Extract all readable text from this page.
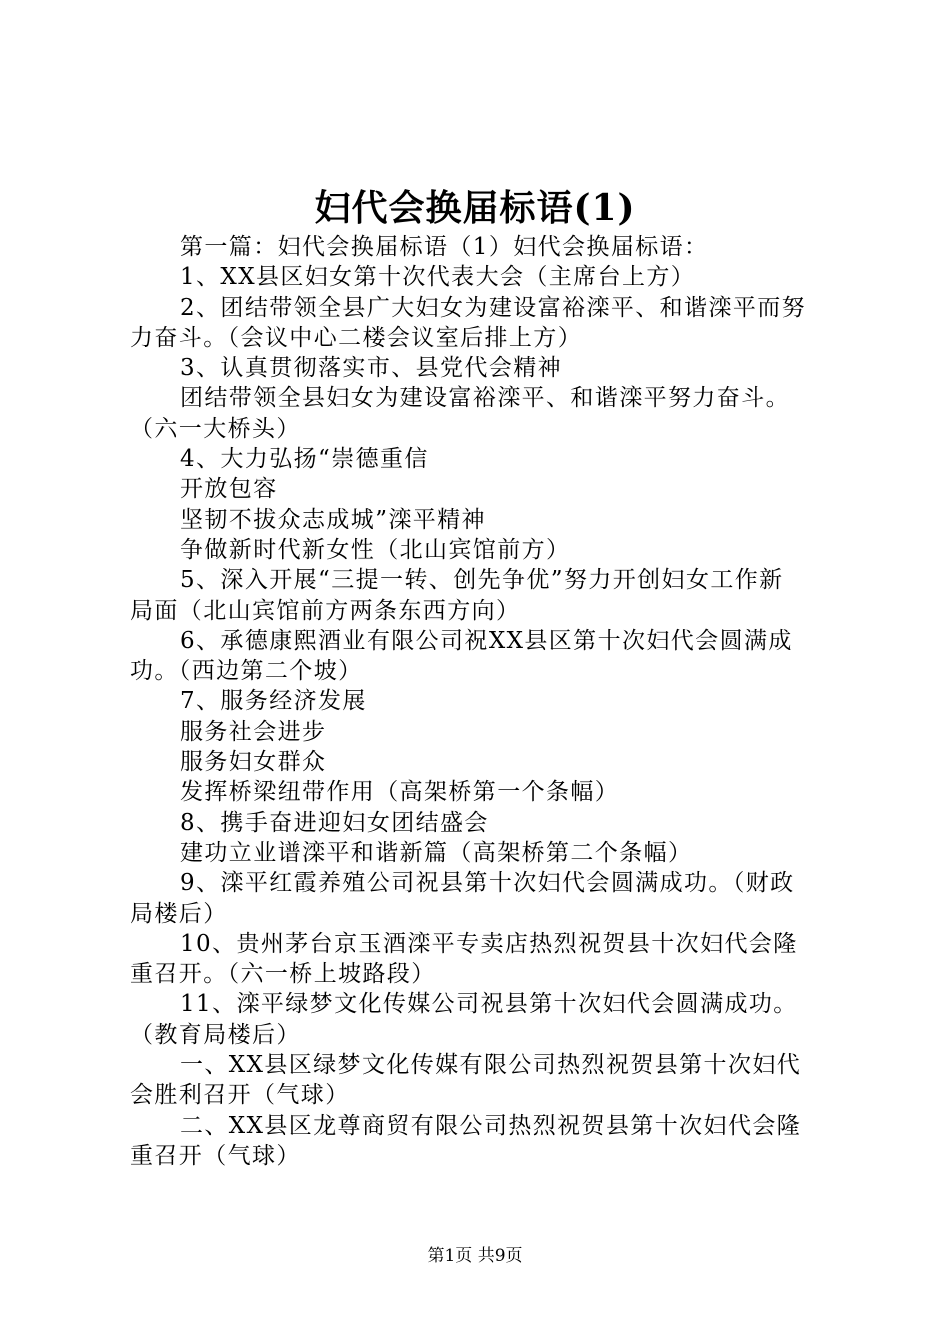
妇代会换届标语(1)
第一篇：妇代会换届标语（1）妇代会换届标语：
1、XX县区妇女第十次代表大会（主席台上方）
2、团结带领全县广大妇女为建设富裕滦平、和谐滦平而努
力奋斗。（会议中心二楼会议室后排上方）
3、认真贯彻落实市、县党代会精神
团结带领全县妇女为建设富裕滦平、和谐滦平努力奋斗。
（六一大桥头）
4、大力弘扬“崇德重信
开放包容
坚韧不拔众志成城”滦平精神
争做新时代新女性（北山宾馆前方）
5、深入开展“三提一转、创先争优”努力开创妇女工作新
局面（北山宾馆前方两条东西方向）
6、承德康熙酒业有限公司祝XX县区第十次妇代会圆满成
功。（西边第二个坡）
7、服务经济发展
服务社会进步
服务妇女群众
发挥桥梁纽带作用（高架桥第一个条幅）
8、携手奋进迎妇女团结盛会
建功立业谱滦平和谐新篇（高架桥第二个条幅）
9、滦平红霞养殖公司祝县第十次妇代会圆满成功。（财政
局楼后）
10、贵州茅台京玉酒滦平专卖店热烈祝贺县十次妇代会隆
重召开。（六一桥上坡路段）
11、滦平绿梦文化传媒公司祝县第十次妇代会圆满成功。
（教育局楼后）
一、XX县区绿梦文化传媒有限公司热烈祝贺县第十次妇代
会胜利召开（气球）
二、XX县区龙尊商贸有限公司热烈祝贺县第十次妇代会隆
重召开（气球）
第1页 共9页
